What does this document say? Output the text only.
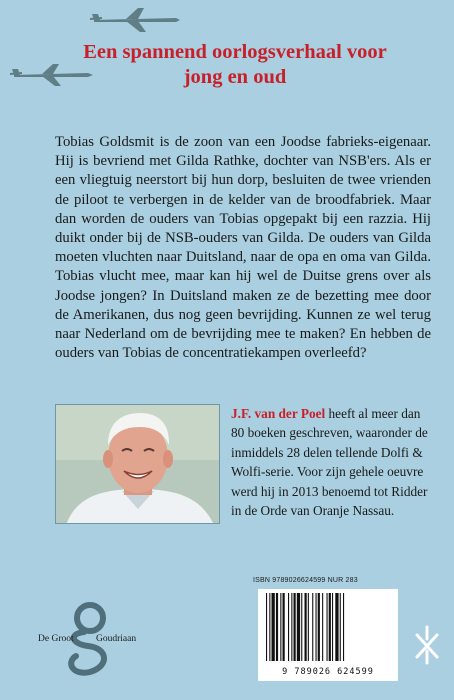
Een spannend oorlogsverhaal voor
jong en oud

Tobias Goldsmit is de zoon van een Joodse fabrieks-eigenaar. Hij is bevriend met Gilda Rathke, dochter van NSB'ers. Als er een vliegtuig neerstort bij hun dorp, besluiten de twee vrienden de piloot te verbergen in de kelder van de broodfabriek. Maar dan worden de ouders van Tobias opgepakt bij een razzia. Hij duikt onder bij de NSB-ouders van Gilda. De ouders van Gilda moeten vluchten naar Duitsland, naar de opa en oma van Gilda. Tobias vlucht mee, maar kan hij wel de Duitse grens over als Joodse jongen? In Duitsland maken ze de bezetting mee door de Amerikanen, dus nog geen bevrijding. Kunnen ze wel terug naar Nederland om de bevrijding mee te maken? En hebben de ouders van Tobias de concentratiekampen overleefd?

J.F. van der Poel heeft al meer dan 80 boeken geschreven, waaronder de inmiddels 28 delen tellende Dolfi & Wolfi-serie. Voor zijn gehele oeuvre werd hij in 2013 benoemd tot Ridder in de Orde van Oranje Nassau.

De Groot Goudriaan
ISBN 9789026624599 NUR 283
9 789026 624599
